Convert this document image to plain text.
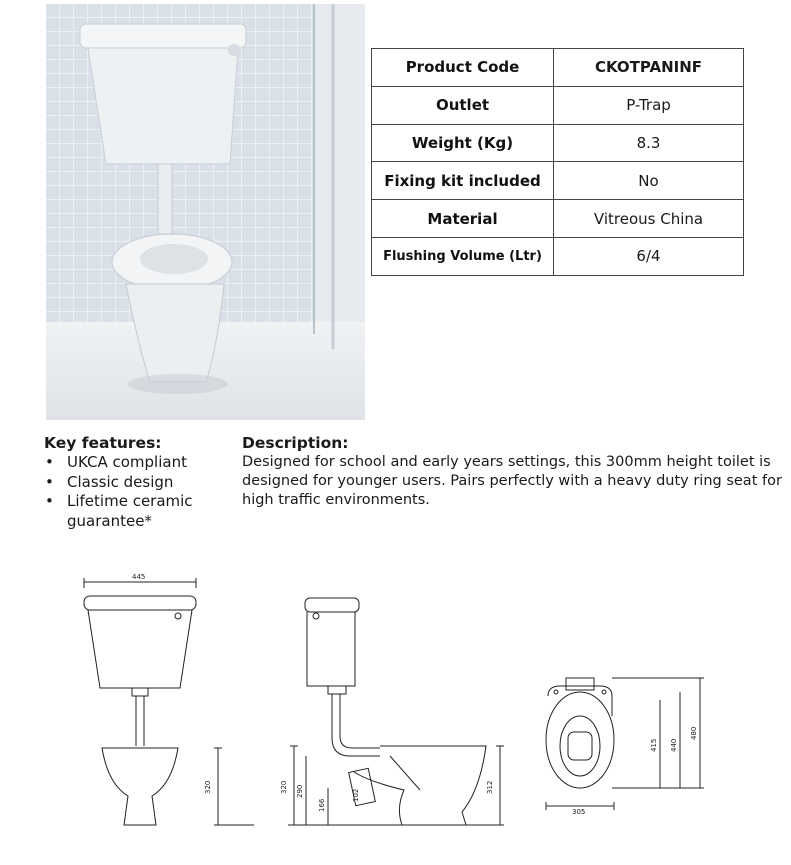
Product Code	CKOTPANINF
Outlet	P-Trap
Weight (Kg)	8.3
Fixing kit included	No
Material	Vitreous China
Flushing Volume (Ltr)	6/4
Key features:
• UKCA compliant
• Classic design
• Lifetime ceramic guarantee*
Description:

Designed for school and early years settings, this 300mm height toilet is designed for younger users. Pairs perfectly with a heavy duty ring seat for high traffic environments.

445
320	320 290
166
102
312
305
415 440
480
